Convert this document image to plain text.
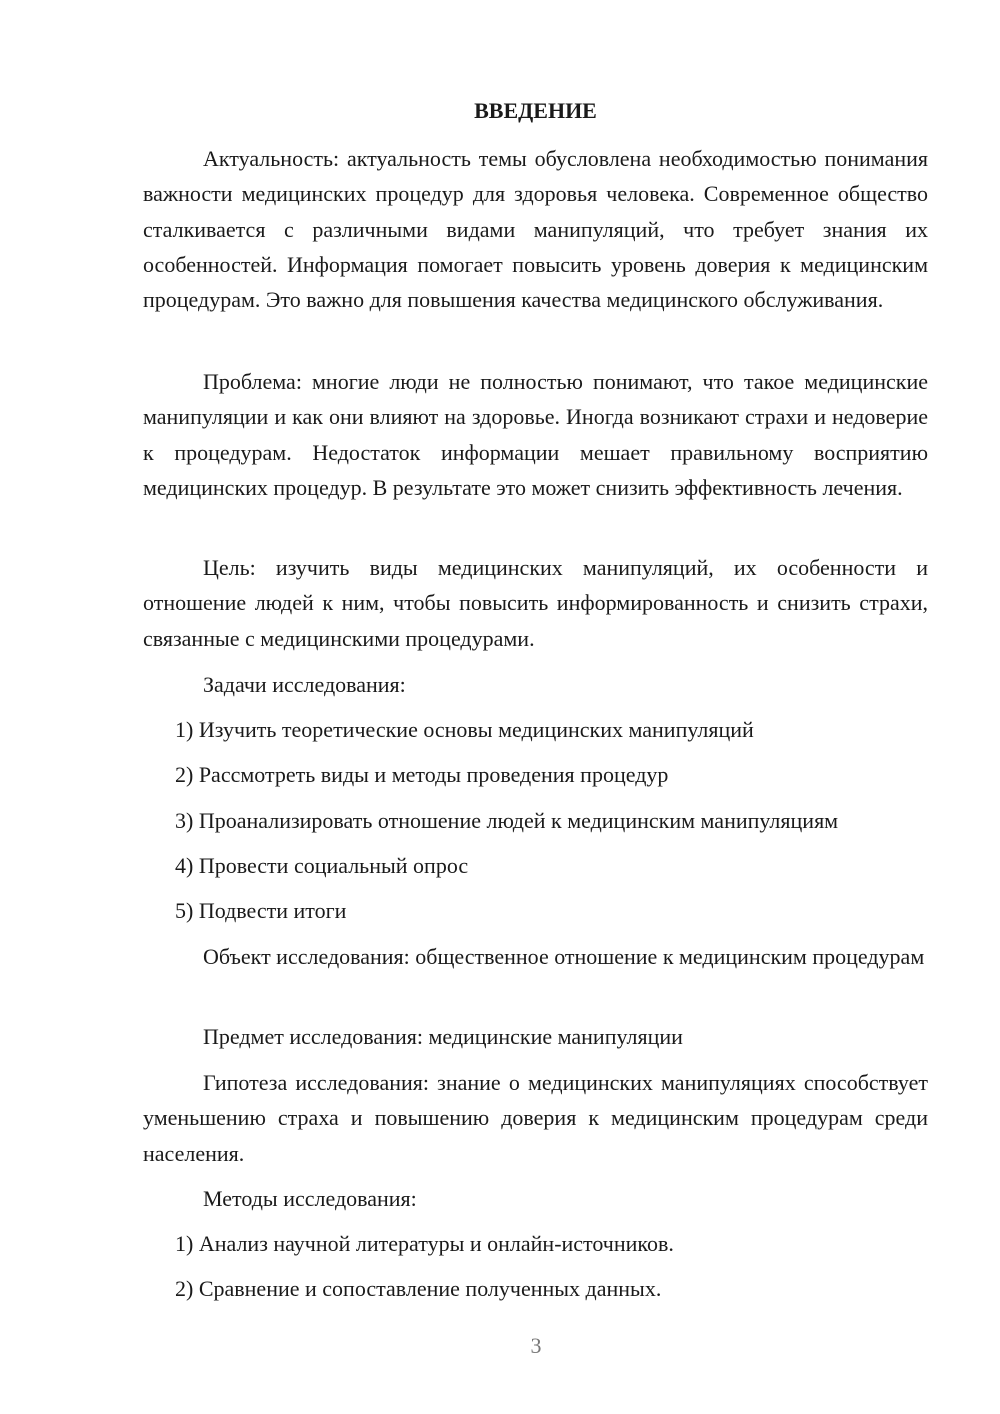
ВВЕДЕНИЕ

Актуальность: актуальность темы обусловлена необходимостью понимания важности медицинских процедур для здоровья человека. Современное общество сталкивается с различными видами манипуляций, что требует знания их особенностей. Информация помогает повысить уровень доверия к медицинским процедурам. Это важно для повышения качества медицинского обслуживания.

Проблема: многие люди не полностью понимают, что такое медицинские манипуляции и как они влияют на здоровье. Иногда возникают страхи и недоверие к процедурам. Недостаток информации мешает правильному восприятию медицинских процедур. В результате это может снизить эффективность лечения.

Цель: изучить виды медицинских манипуляций, их особенности и отношение людей к ним, чтобы повысить информированность и снизить страхи, связанные с медицинскими процедурами.

Задачи исследования:

1) Изучить теоретические основы медицинских манипуляций

2) Рассмотреть виды и методы проведения процедур

3) Проанализировать отношение людей к медицинским манипуляциям

4) Провести социальный опрос

5) Подвести итоги

Объект исследования: общественное отношение к медицинским процедурам

Предмет исследования: медицинские манипуляции

Гипотеза исследования: знание о медицинских манипуляциях способствует уменьшению страха и повышению доверия к медицинским процедурам среди населения.

Методы исследования:

1) Анализ научной литературы и онлайн-источников.

2) Сравнение и сопоставление полученных данных.

3
